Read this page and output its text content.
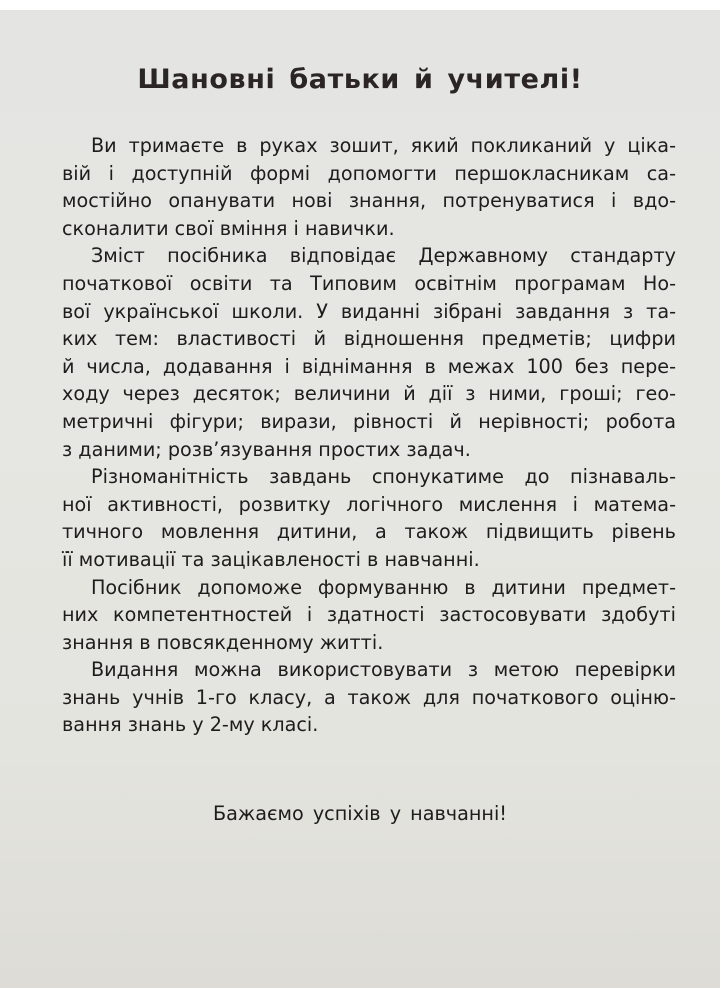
Шановні батьки й учителі!
Ви тримаєте в руках зошит, який покликаний у ціка-
вій і доступній формі допомогти першокласникам са-
мостійно опанувати нові знання, потренуватися і вдо-
сконалити свої вміння і навички.
Зміст посібника відповідає Державному стандарту
початкової освіти та Типовим освітнім програмам Но-
вої української школи. У виданні зібрані завдання з та-
ких тем: властивості й відношення предметів; цифри
й числа, додавання і віднімання в межах 100 без пере-
ходу через десяток; величини й дії з ними, гроші; гео-
метричні фігури; вирази, рівності й нерівності; робота
з даними; розв’язування простих задач.
Різноманітність завдань спонукатиме до пізнаваль-
ної активності, розвитку логічного мислення і матема-
тичного мовлення дитини, а також підвищить рівень
її мотивації та зацікавленості в навчанні.
Посібник допоможе формуванню в дитини предмет-
них компетентностей і здатності застосовувати здобуті
знання в повсякденному житті.
Видання можна використовувати з метою перевірки
знань учнів 1-го класу, а також для початкового оціню-
вання знань у 2-му класі.
Бажаємо успіхів у навчанні!
